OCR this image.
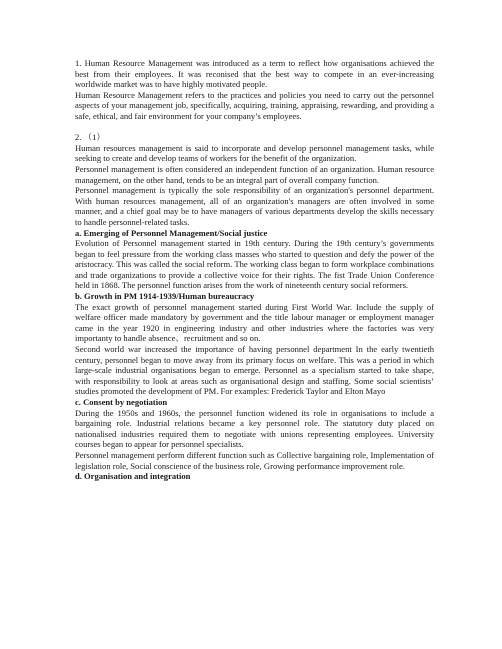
1. Human Resource Management was introduced as a term to reflect how organisations achieved the best from their employees. It was reconised that the best way to compete in an ever-increasing worldwide market was to have highly motivated people.

Human Resource Management refers to the practices and policies you need to carry out the personnel aspects of your management job, specifically, acquiring, training, appraising, rewarding, and providing a safe, ethical, and fair environment for your company’s employees.

2. （1）

Human resources management is said to incorporate and develop personnel management tasks, while seeking to create and develop teams of workers for the benefit of the organization.

Personnel management is often considered an independent function of an organization. Human resource management, on the other hand, tends to be an integral part of overall company function.

Personnel management is typically the sole responsibility of an organization's personnel department. With human resources management, all of an organization's managers are often involved in some manner, and a chief goal may be to have managers of various departments develop the skills necessary to handle personnel-related tasks.

a. Emerging of Personnel Management/Social justice

Evolution of Personnel management started in 19th century. During the 19th century’s governments began to feel pressure from the working class masses who started to question and defy the power of the aristocracy. This was called the social reform. The working class began to form workplace combinations and trade organizations to provide a collective voice for their rights. The fist Trade Union Conference held in 1868. The personnel function arises from the work of nineteenth century social reformers.

b. Growth in PM 1914-1939/Human bureaucracy

The exact growth of personnel management started during First World War. Include the supply of welfare officer made mandatory by government and the title labour manager or employment manager came in the year 1920 in engineering industry and other industries where the factories was very importanty to handle absence、recruitment and so on.

Second world war increased the importance of having personnel department In the early twentieth century, personnel began to move away from its primary focus on welfare. This was a period in which large-scale industrial organisations began to emerge. Personnel as a specialism started to take shape, with responsibility to look at areas such as organisational design and staffing. Some social scientists’ studies promoted the development of PM. For examples: Frederick Taylor and Elton Mayo

c. Consent by negotiation

During the 1950s and 1960s, the personnel function widened its role in organisations to include a bargaining role. Industrial relations became a key personnel role. The statutory duty placed on nationalised industries required them to negotiate with unions representing employees. University courses began to appear for personnel specialists.

Personnel management perform different function such as Collective bargaining role, Implementation of legislation role, Social conscience of the business role, Growing performance improvement role.

d. Organisation and integration
